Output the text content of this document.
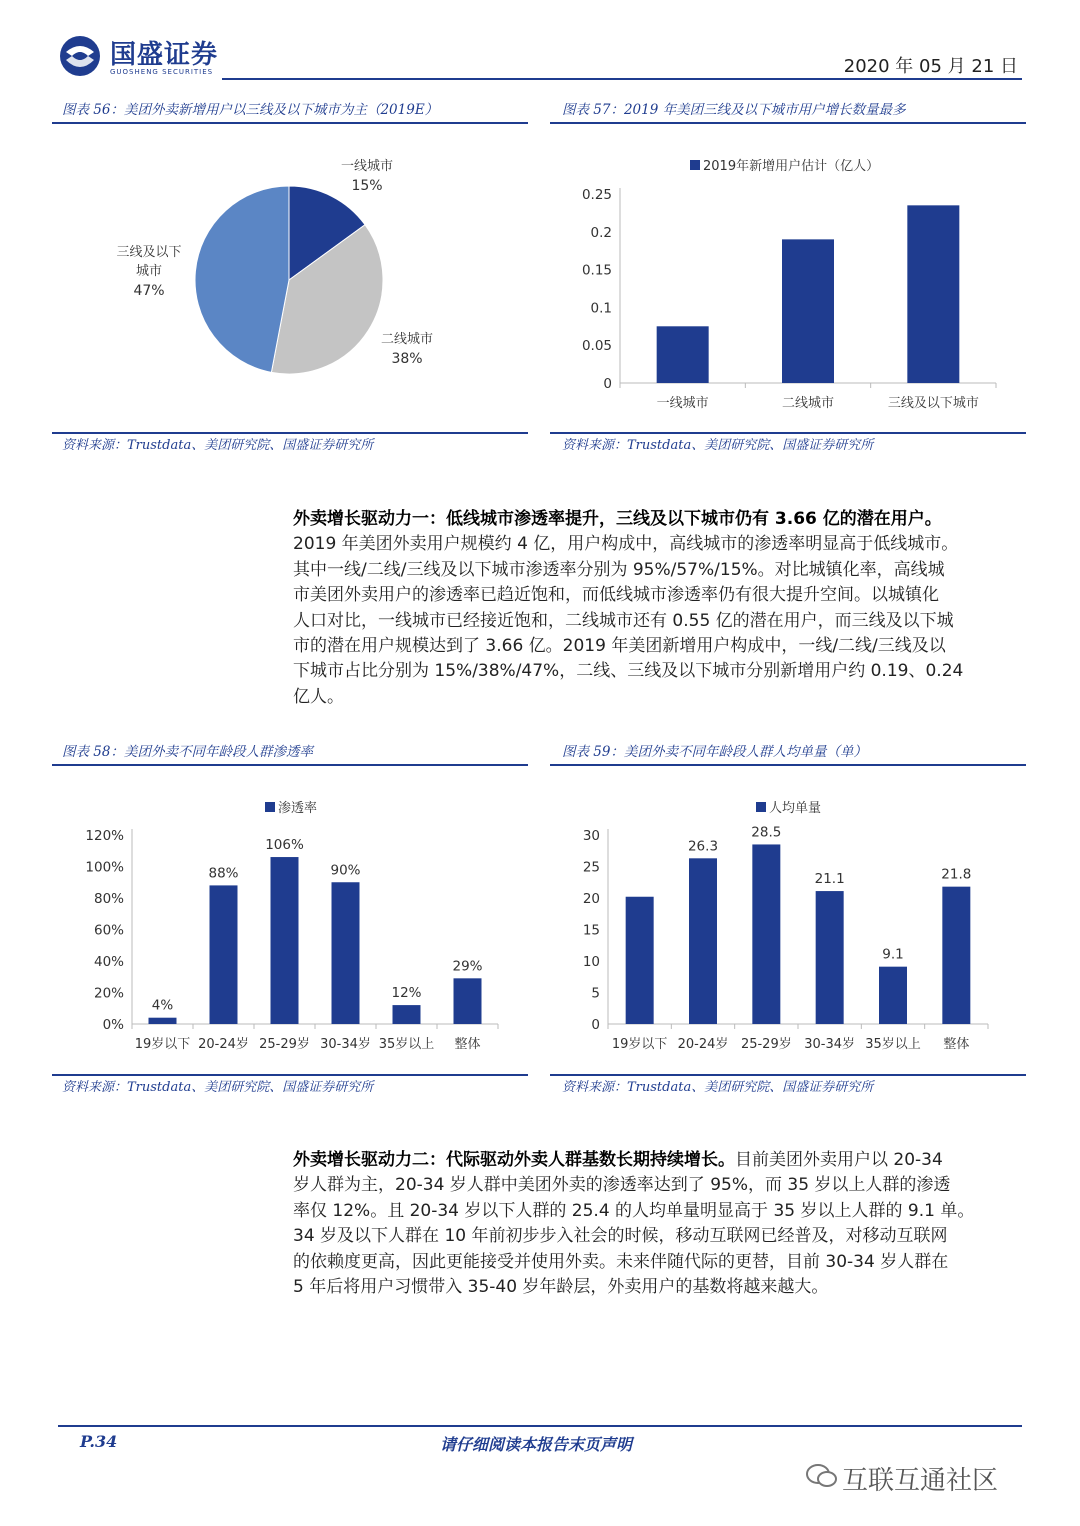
国盛证券
GUOSHENG SECURITIES	2020 年 05 月 21 日
图表 56：美团外卖新增用户以三线及以下城市为主（2019E）
一线城市
15%
二线城市
38%
三线及以下
城市
47%
资料来源：Trustdata、美团研究院、国盛证券研究所
图表 57：2019 年美团三线及以下城市用户增长数量最多
2019年新增用户估计（亿人）
0
0.05
0.1
0.15
0.2
0.25
一线城市	二线城市	三线及以下城市
资料来源：Trustdata、美团研究院、国盛证券研究所
外卖增长驱动力一：低线城市渗透率提升，三线及以下城市仍有 3.66 亿的潜在用户。
2019 年美团外卖用户规模约 4 亿，用户构成中，高线城市的渗透率明显高于低线城市。
其中一线/二线/三线及以下城市渗透率分别为 95%/57%/15%。对比城镇化率，高线城
市美团外卖用户的渗透率已趋近饱和，而低线城市渗透率仍有很大提升空间。以城镇化
人口对比，一线城市已经接近饱和，二线城市还有 0.55 亿的潜在用户，而三线及以下城
市的潜在用户规模达到了 3.66 亿。2019 年美团新增用户构成中，一线/二线/三线及以
下城市占比分别为 15%/38%/47%，二线、三线及以下城市分别新增用户约 0.19、0.24
亿人。
图表 58：美团外卖不同年龄段人群渗透率
渗透率
0%
20%
40%
60%
80%
100%
120%
19岁以下
4%
20-24岁
88%
25-29岁
106%
30-34岁
90%
35岁以上
12%
整体
29%
资料来源：Trustdata、美团研究院、国盛证券研究所
图表 59：美团外卖不同年龄段人群人均单量（单）
人均单量
0
5
10
15
20
25
30
19岁以下 20-24岁
26.3
25-29岁
28.5
30-34岁
21.1
35岁以上
9.1
整体
21.8
资料来源：Trustdata、美团研究院、国盛证券研究所
外卖增长驱动力二：代际驱动外卖人群基数长期持续增长。目前美团外卖用户以 20-34
岁人群为主，20-34 岁人群中美团外卖的渗透率达到了 95%，而 35 岁以上人群的渗透
率仅 12%。且 20-34 岁以下人群的 25.4 的人均单量明显高于 35 岁以上人群的 9.1 单。
34 岁及以下人群在 10 年前初步步入社会的时候，移动互联网已经普及，对移动互联网
的依赖度更高，因此更能接受并使用外卖。未来伴随代际的更替，目前 30-34 岁人群在
5 年后将用户习惯带入 35-40 岁年龄层，外卖用户的基数将越来越大。
P.34	请仔细阅读本报告末页声明
互联互通社区
